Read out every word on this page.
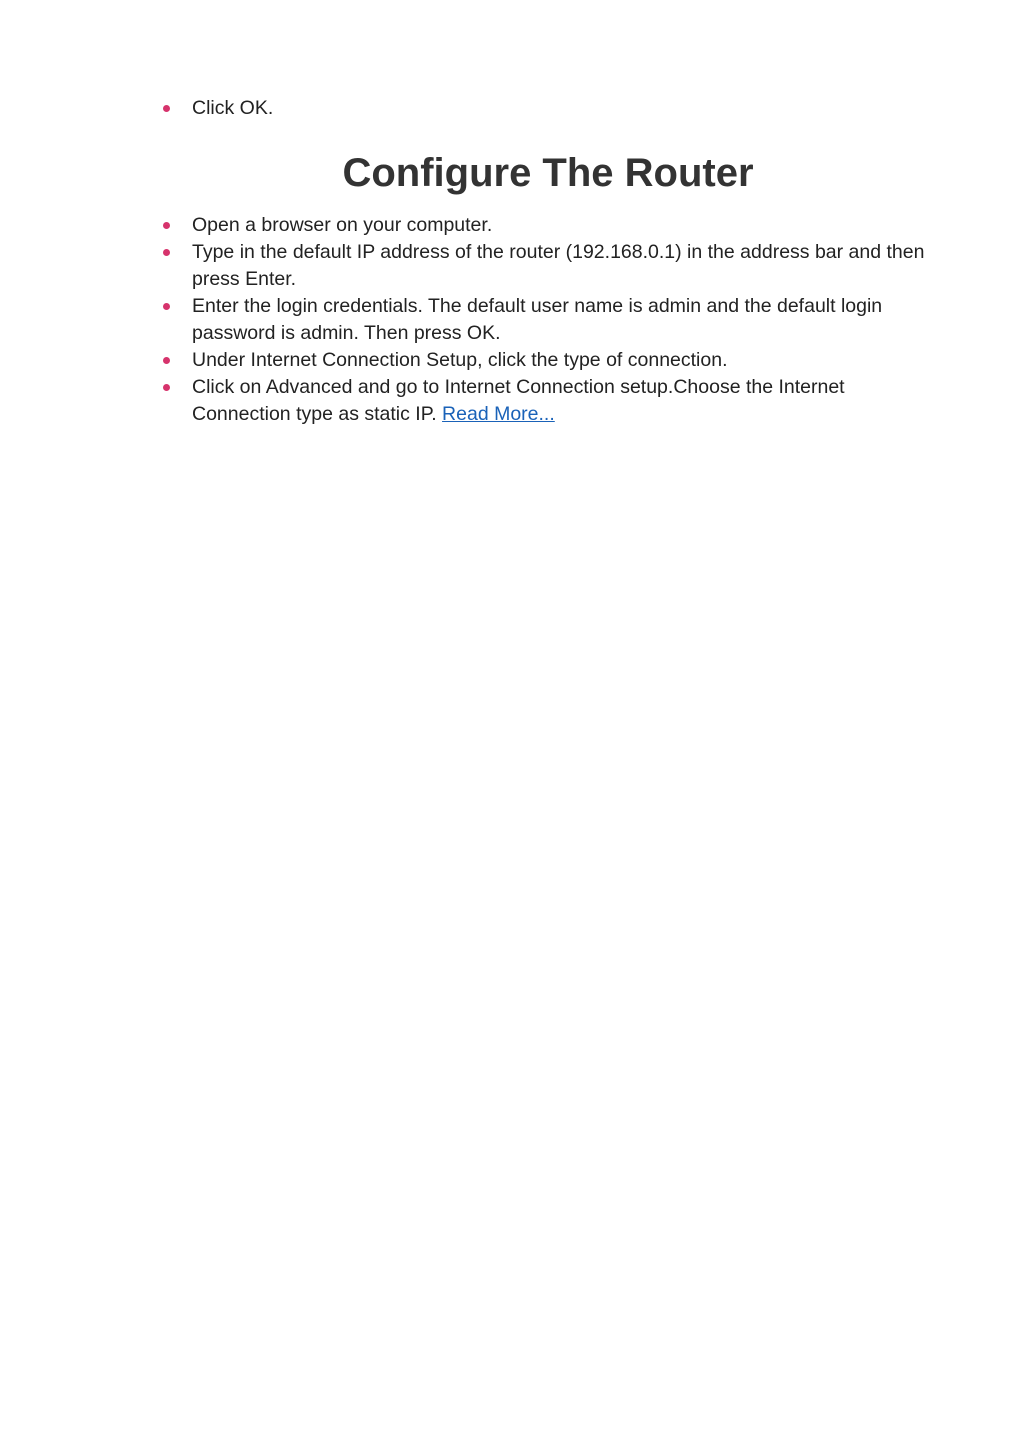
Click OK.
Configure The Router
Open a browser on your computer.
Type in the default IP address of the router (192.168.0.1) in the address bar and then press Enter.
Enter the login credentials. The default user name is admin and the default login password is admin. Then press OK.
Under Internet Connection Setup, click the type of connection.
Click on Advanced and go to Internet Connection setup.Choose the Internet Connection type as static IP. Read More...
